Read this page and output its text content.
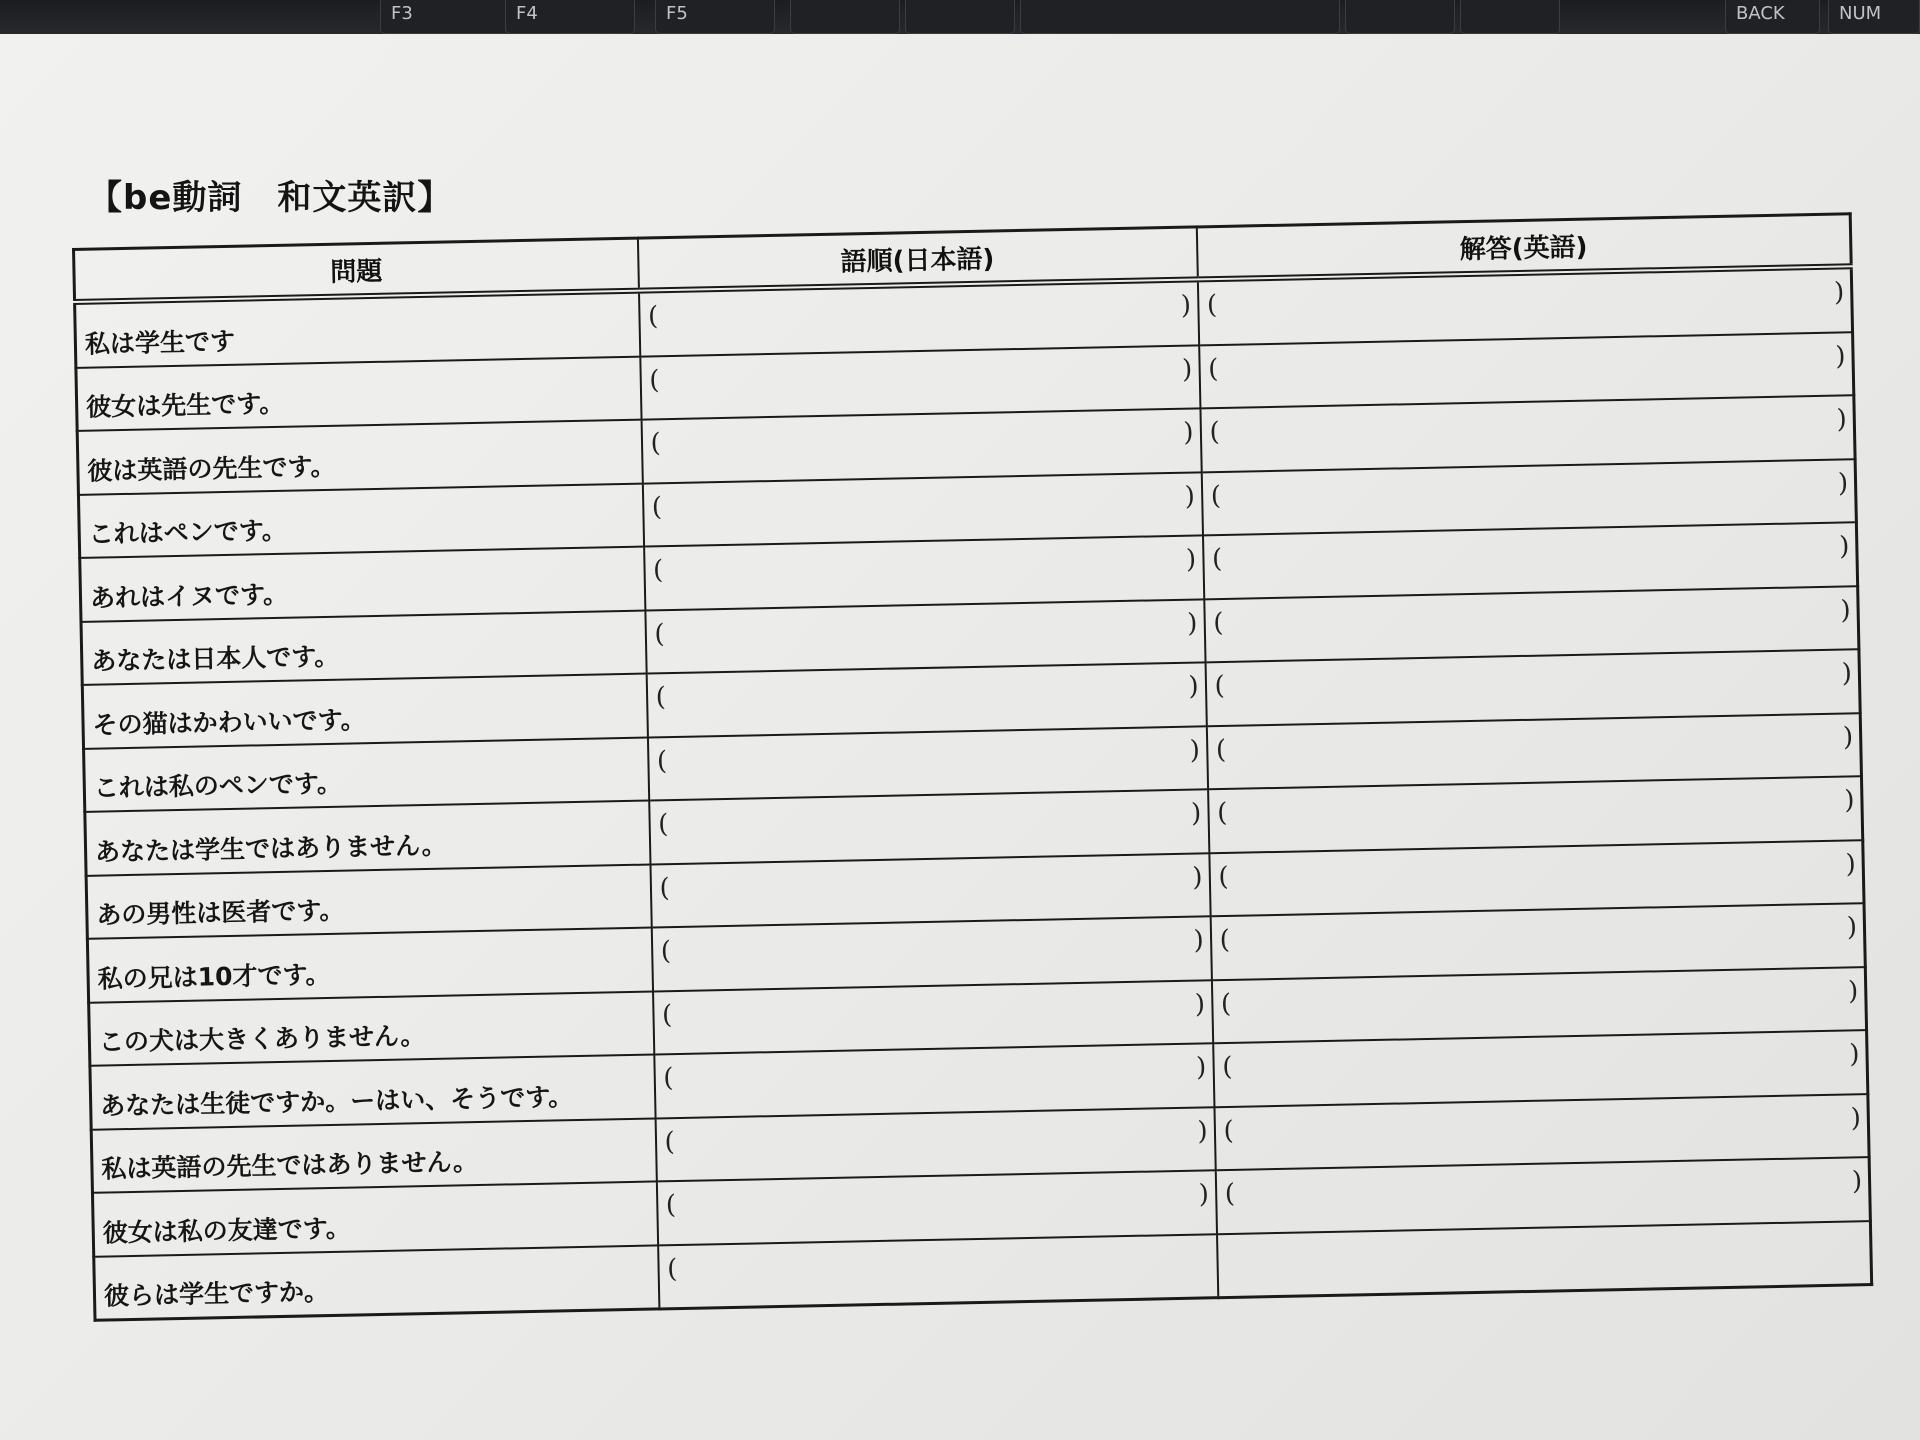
F3	F4	F5	BACK	NUM
【be動詞　和文英訳】
問題	語順(日本語)	解答(英語)
私は学生です	( )	( )

彼女は先生です。	( )	( )

彼は英語の先生です。	( )	( )

これはペンです。	( )	( )

あれはイヌです。	( )	( )

あなたは日本人です。	( )	( )

その猫はかわいいです。	( )	( )

これは私のペンです。	( )	( )

あなたは学生ではありません。	( )	( )

あの男性は医者です。	( )	( )

私の兄は10才です。	( )	( )

この犬は大きくありません。	( )	( )

あなたは生徒ですか。ーはい、そうです。	( )	( )

私は英語の先生ではありません。	( )	( )

彼女は私の友達です。	( )	( )

彼らは学生ですか。	(	
